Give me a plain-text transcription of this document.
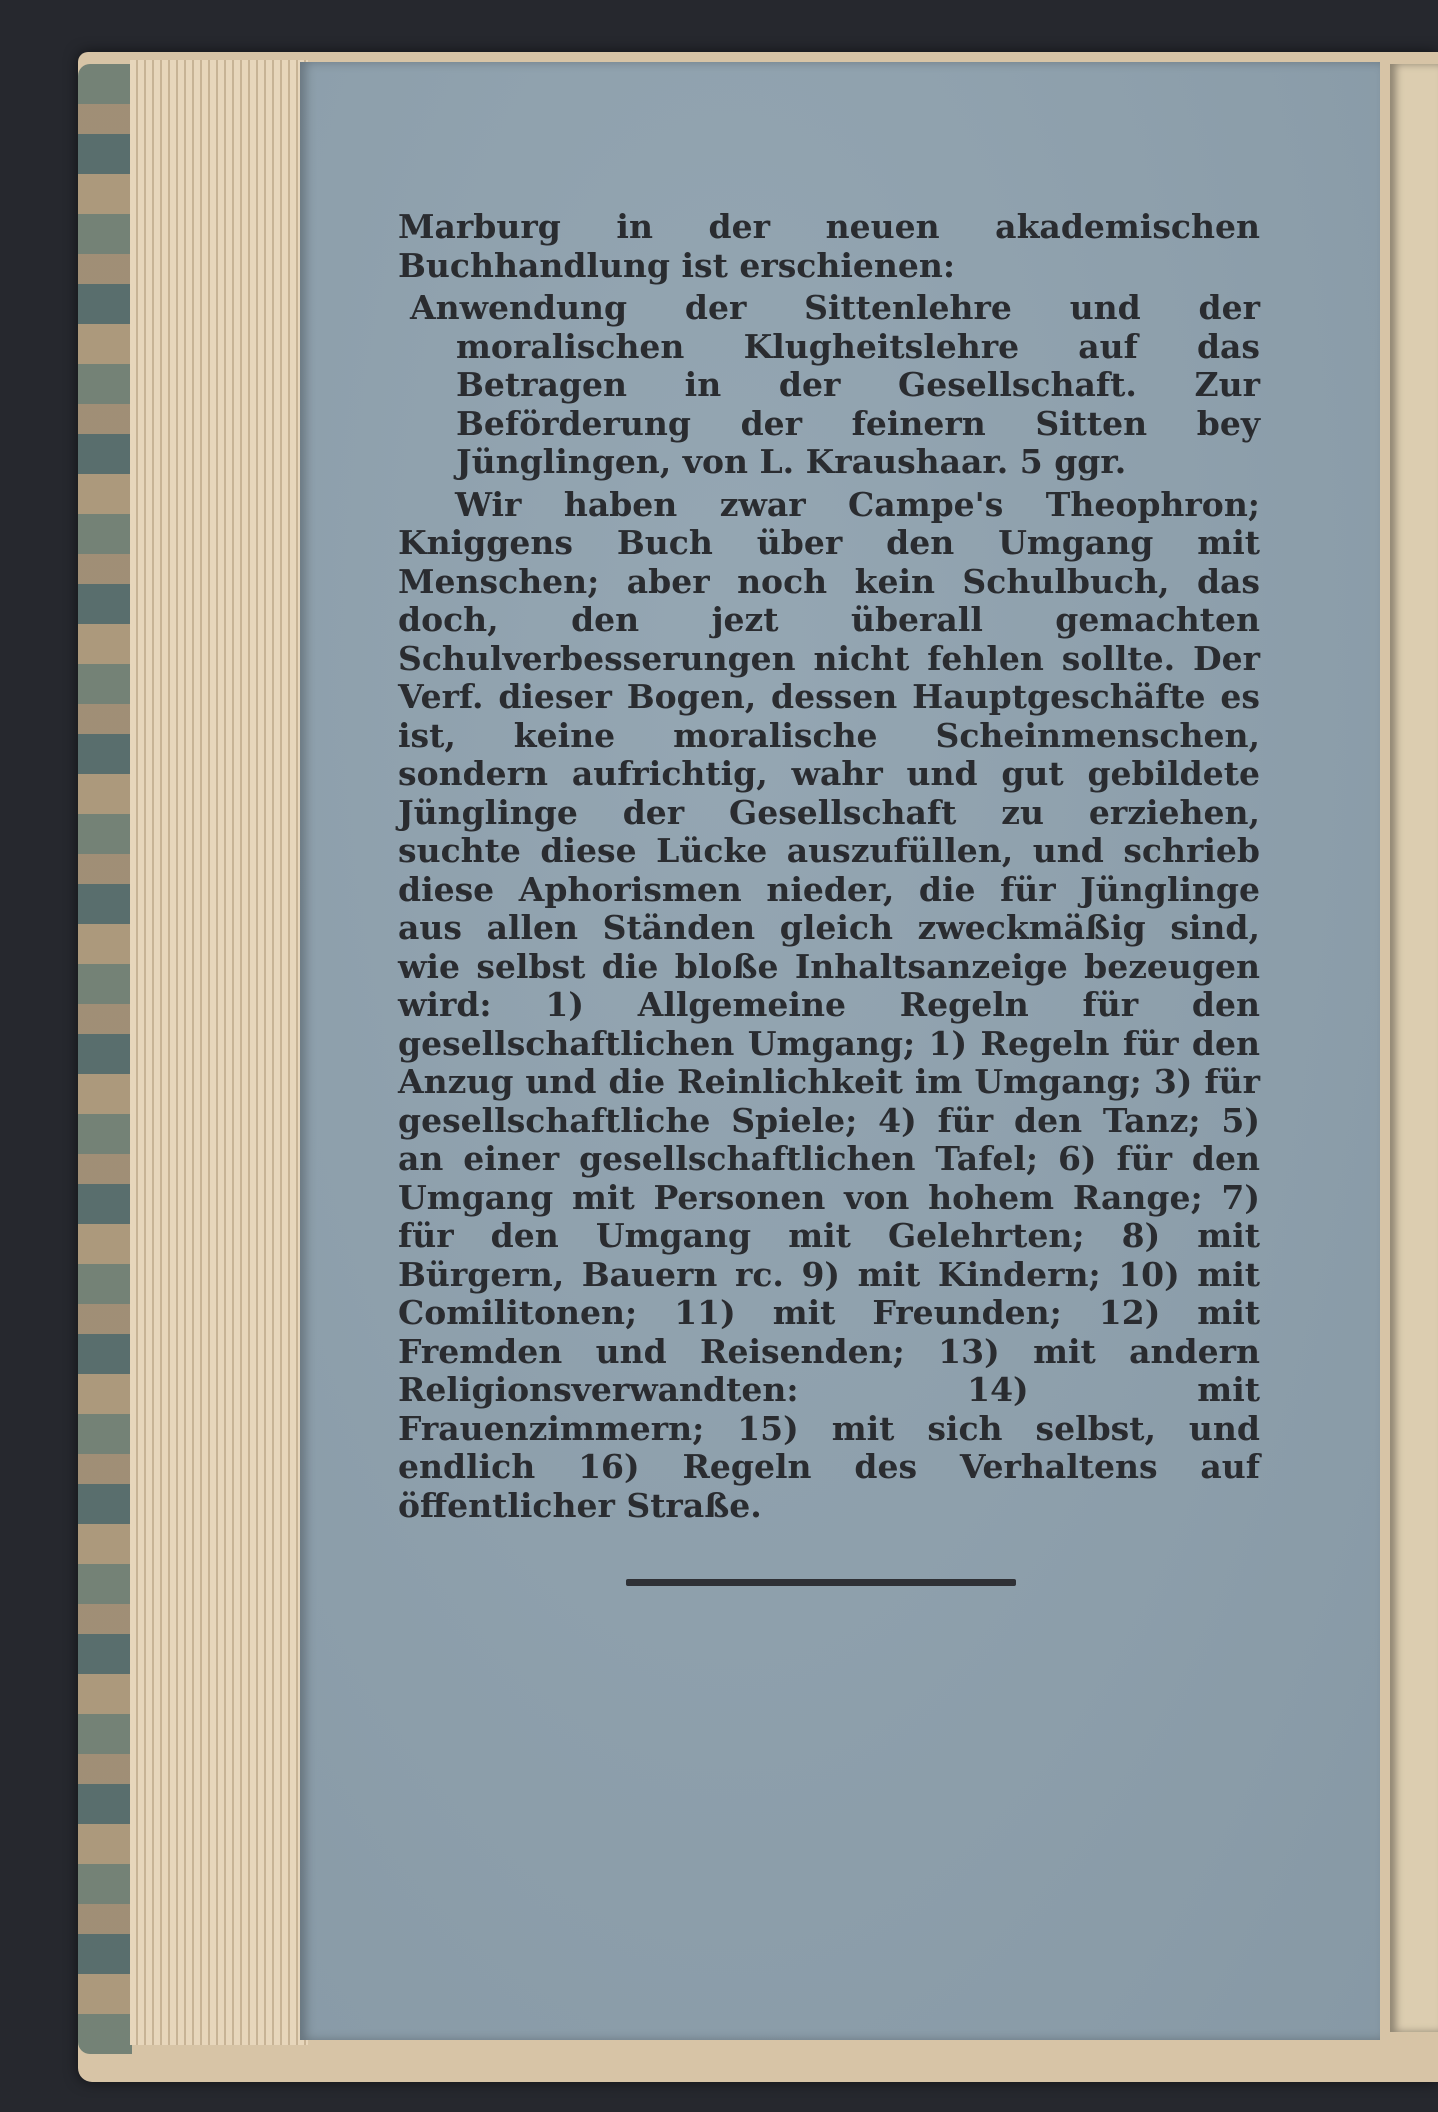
Marburg in der neuen akademischen Buchhandlung ist erschienen:

Anwendung der Sittenlehre und der moralischen Klugheitslehre auf das Betragen in der Gesellschaft. Zur Beförderung der feinern Sitten bey Jünglingen, von L. Kraushaar. 5 ggr.

Wir haben zwar Campe's Theophron; Kniggens Buch über den Umgang mit Menschen; aber noch kein Schulbuch, das doch, den jezt überall gemachten Schulverbesserungen nicht fehlen sollte. Der Verf. dieser Bogen, dessen Hauptgeschäfte es ist, keine moralische Scheinmenschen, sondern aufrichtig, wahr und gut gebildete Jünglinge der Gesellschaft zu erziehen, suchte diese Lücke auszufüllen, und schrieb diese Aphorismen nieder, die für Jünglinge aus allen Ständen gleich zweckmäßig sind, wie selbst die bloße Inhaltsanzeige bezeugen wird: 1) Allgemeine Regeln für den gesellschaftlichen Umgang; 1) Regeln für den Anzug und die Reinlichkeit im Umgang; 3) für gesellschaftliche Spiele; 4) für den Tanz; 5) an einer gesellschaftlichen Tafel; 6) für den Umgang mit Personen von hohem Range; 7) für den Umgang mit Gelehrten; 8) mit Bürgern, Bauern rc. 9) mit Kindern; 10) mit Comilitonen; 11) mit Freunden; 12) mit Fremden und Reisenden; 13) mit andern Religionsverwandten: 14) mit Frauenzimmern; 15) mit sich selbst, und endlich 16) Regeln des Verhaltens auf öffentlicher Straße.
